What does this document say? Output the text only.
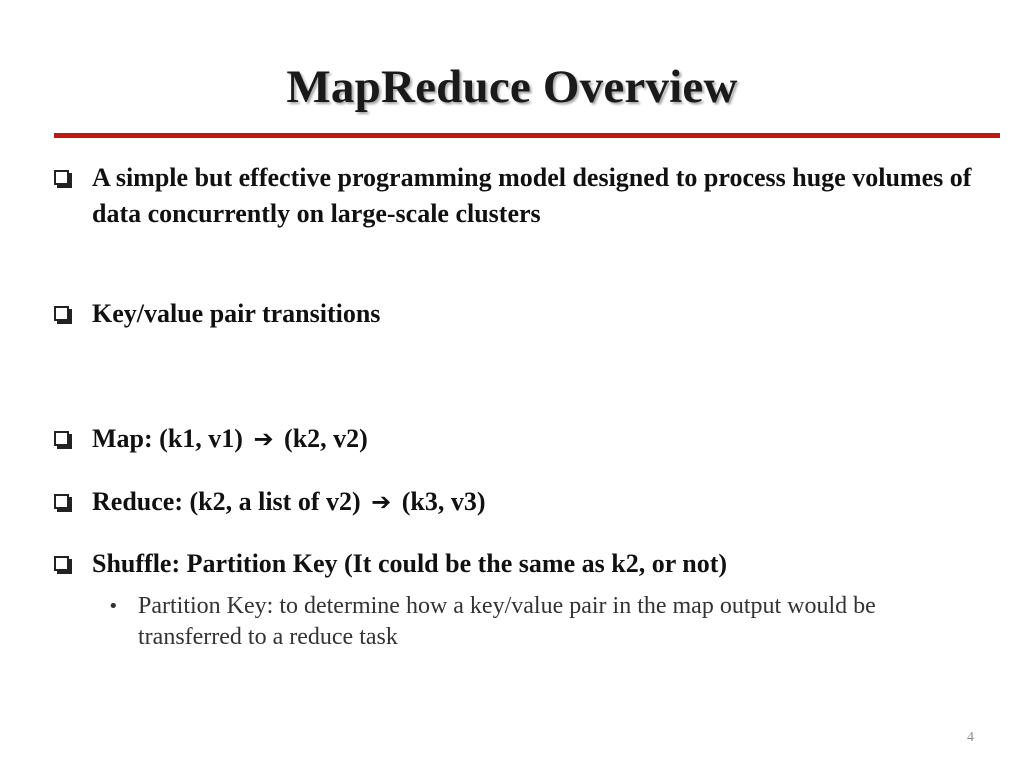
MapReduce Overview
A simple but effective programming model designed to process huge volumes of data concurrently on large-scale clusters
Key/value pair transitions
Map: (k1, v1) ➔ (k2, v2)
Reduce: (k2, a list of v2) ➔ (k3, v3)
Shuffle: Partition Key (It could be the same as k2, or not)
• Partition Key: to determine how a key/value pair in the map output would be transferred to a reduce task
4
